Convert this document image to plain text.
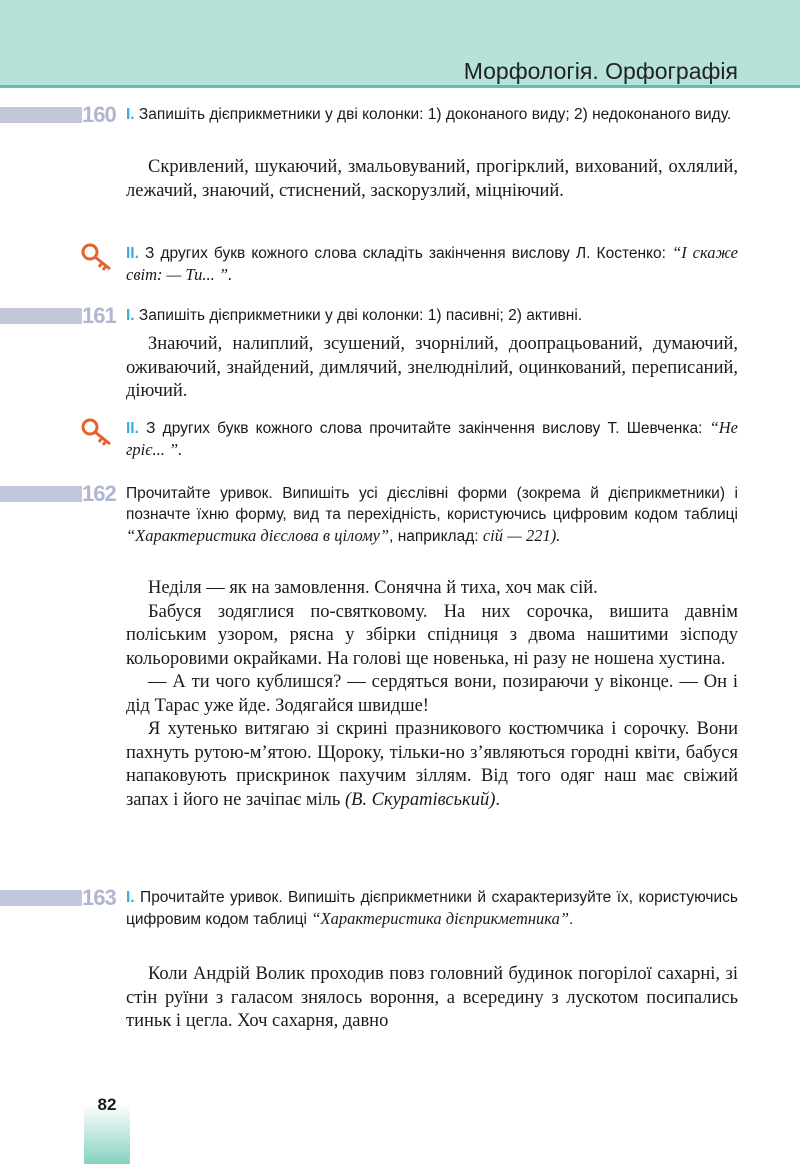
Морфологія. Орфографія
160 І. Запишіть дієприкметники у дві колонки: 1) доконаного виду; 2) недоконаного виду.

Скривлений, шукаючий, змальовуваний, прогірклий, вихований, охлялий, лежачий, знаючий, стиснений, заскорузлий, міцніючий.

ІІ. З других букв кожного слова складіть закінчення вислову Л. Костенко: “І скаже світ: — Ти... ”.

161 І. Запишіть дієприкметники у дві колонки: 1) пасивні; 2) активні.

Знаючий, налиплий, зсушений, зчорнілий, доопрацьований, думаючий, оживаючий, знайдений, димлячий, знелюднілий, оцинкований, переписаний, діючий.

ІІ. З других букв кожного слова прочитайте закінчення вислову Т. Шевченка: “Не гріє... ”.

162 Прочитайте уривок. Випишіть усі дієслівні форми (зокрема й дієприкметники) і позначте їхню форму, вид та перехідність, користуючись цифровим кодом таблиці “Характеристика дієслова в цілому”, наприклад: сій — 221).

Неділя — як на замовлення. Сонячна й тиха, хоч мак сій.

Бабуся зодяглися по-святковому. На них сорочка, вишита давнім поліським узором, рясна у збірки спідниця з двома нашитими зісподу кольоровими окрайками. На голові ще новенька, ні разу не ношена хустина.

— А ти чого кублишся? — сердяться вони, позираючи у віконце. — Он і дід Тарас уже йде. Зодягайся швидше!

Я хутенько витягаю зі скрині празникового костюмчика і сорочку. Вони пахнуть рутою-м’ятою. Щороку, тільки-но з’являються городні квіти, бабуся напаковують прискринок пахучим зіллям. Від того одяг наш має свіжий запах і його не зачіпає міль (В. Скуратівський).

163 І. Прочитайте уривок. Випишіть дієприкметники й схарактеризуйте їх, користуючись цифровим кодом таблиці “Характеристика дієприкметника”.

Коли Андрій Волик проходив повз головний будинок погорілої сахарні, зі стін руїни з галасом знялось вороння, а всередину з лускотом посипались тиньк і цегла. Хоч сахарня, давно

82
